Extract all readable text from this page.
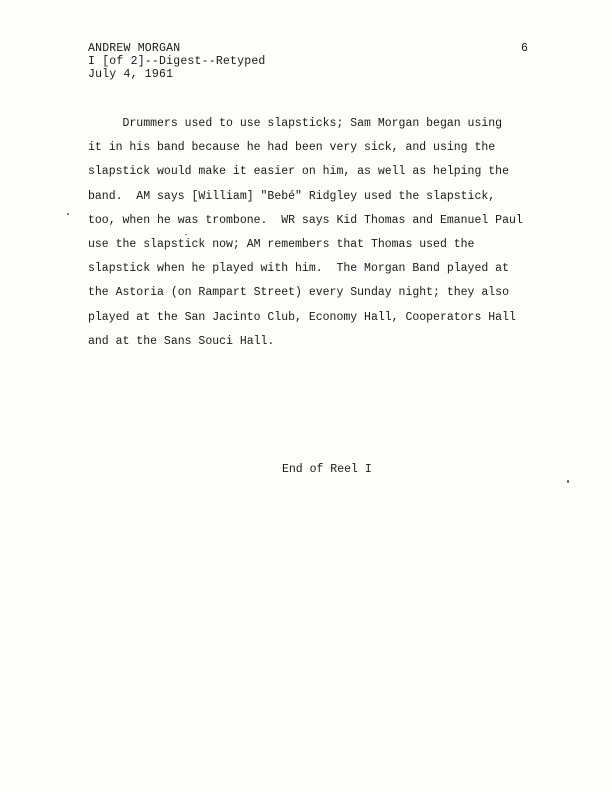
ANDREW MORGAN
I [of 2]--Digest--Retyped
July 4, 1961
6
Drummers used to use slapsticks; Sam Morgan began using
it in his band because he had been very sick, and using the
slapstick would make it easier on him, as well as helping the
band.  AM says [William] "Bebé" Ridgley used the slapstick,
too, when he was trombone.  WR says Kid Thomas and Emanuel Paul
use the slapstick now; AM remembers that Thomas used the
slapstick when he played with him.  The Morgan Band played at
the Astoria (on Rampart Street) every Sunday night; they also
played at the San Jacinto Club, Economy Hall, Cooperators Hall
and at the Sans Souci Hall.
End of Reel I
